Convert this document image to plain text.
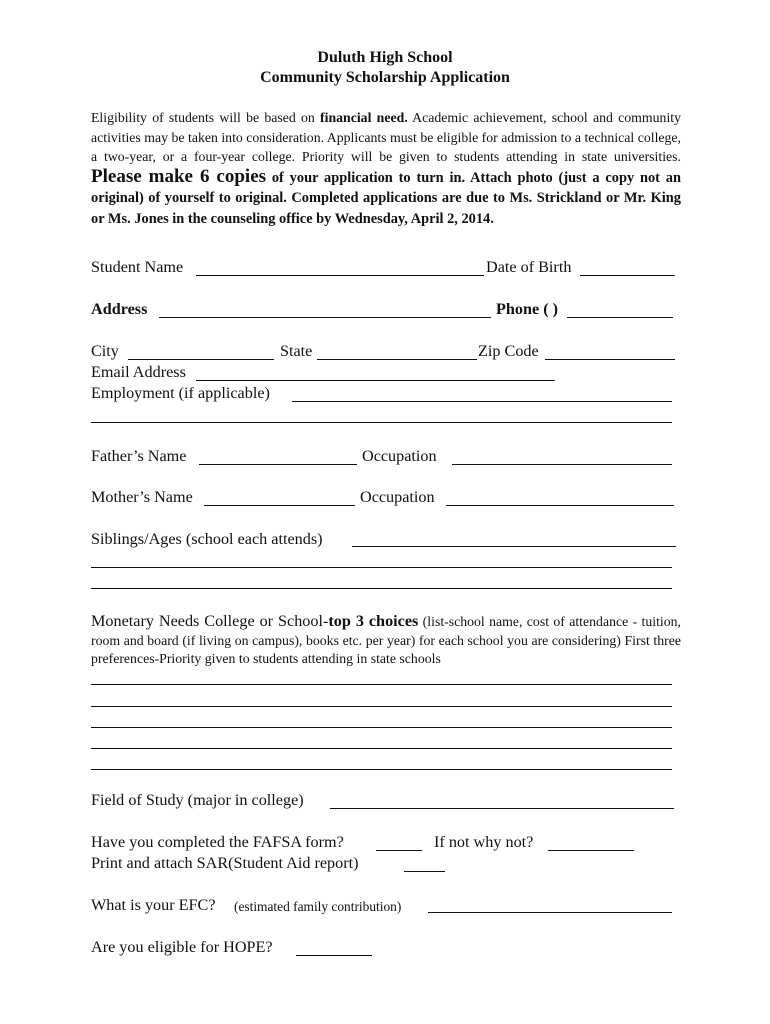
Duluth High School
Community Scholarship Application
Eligibility of students will be based on financial need. Academic achievement, school and community activities may be taken into consideration. Applicants must be eligible for admission to a technical college, a two-year, or a four-year college. Priority will be given to students attending in state universities. Please make 6 copies of your application to turn in. Attach photo (just a copy not an original) of yourself to original. Completed applications are due to Ms. Strickland or Mr. King or Ms. Jones in the counseling office by Wednesday, April 2, 2014.
Student Name	Date of Birth
Address	Phone ( )
City	State	Zip Code
Email Address
Employment (if applicable)
Father’s Name	Occupation
Mother’s Name	Occupation
Siblings/Ages (school each attends)
Monetary Needs College or School-top 3 choices (list-school name, cost of attendance - tuition, room and board (if living on campus), books etc. per year) for each school you are considering) First three preferences-Priority given to students attending in state schools
Field of Study (major in college)
Have you completed the FAFSA form?	If not why not?
Print and attach SAR(Student Aid report)
What is your EFC? (estimated family contribution)
Are you eligible for HOPE?
